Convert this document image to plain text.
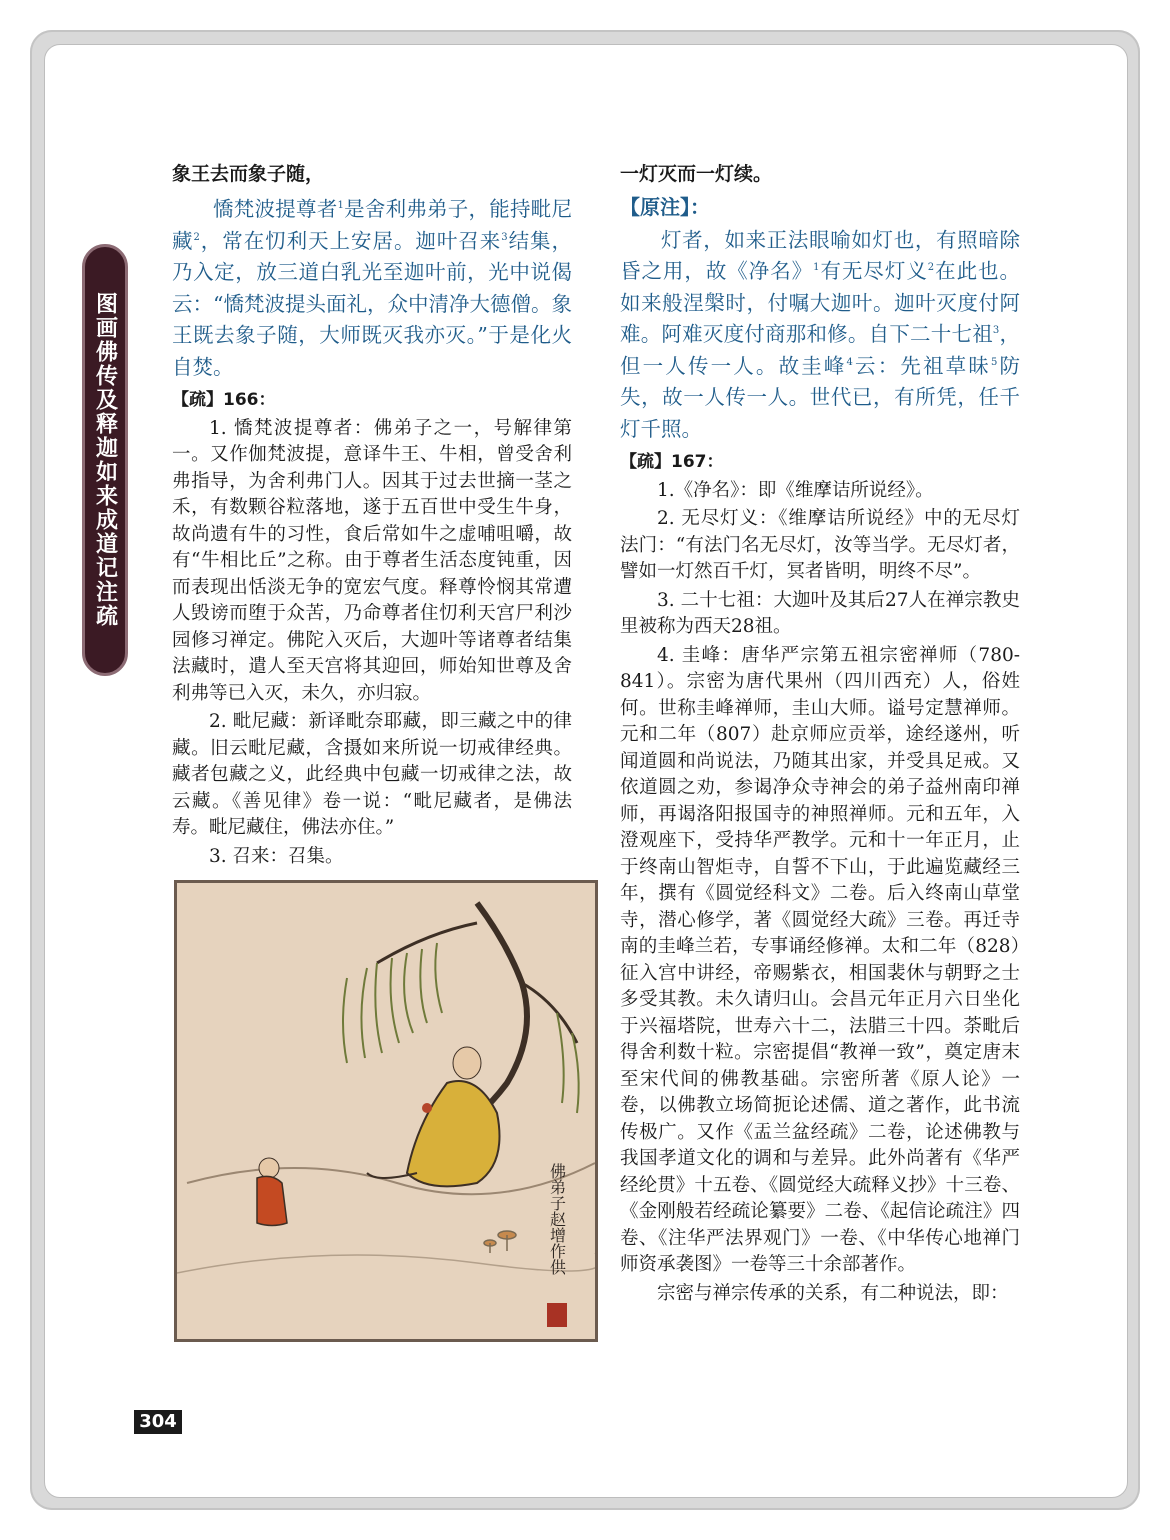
图画佛传及释迦如来成道记注疏

象王去而象子随，

憍梵波提尊者$^1$是舍利弗弟子，能持毗尼藏$^2$，常在忉利天上安居。迦叶召来$^3$结集，乃入定，放三道白乳光至迦叶前，光中说偈云：“憍梵波提头面礼，众中清净大德僧。象王既去象子随，大师既灭我亦灭。”于是化火自焚。

【疏】166：

1. 憍梵波提尊者：佛弟子之一，号解律第一。又作伽梵波提，意译牛王、牛相，曾受舍利弗指导，为舍利弗门人。因其于过去世摘一茎之禾，有数颗谷粒落地，遂于五百世中受生牛身，故尚遗有牛的习性，食后常如牛之虚哺咀嚼，故有“牛相比丘”之称。由于尊者生活态度钝重，因而表现出恬淡无争的宽宏气度。释尊怜悯其常遭人毁谤而堕于众苦，乃命尊者住忉利天宫尸利沙园修习禅定。佛陀入灭后，大迦叶等诸尊者结集法藏时，遣人至天宫将其迎回，师始知世尊及舍利弗等已入灭，未久，亦归寂。

2. 毗尼藏：新译毗奈耶藏，即三藏之中的律藏。旧云毗尼藏，含摄如来所说一切戒律经典。藏者包藏之义，此经典中包藏一切戒律之法，故云藏。《善见律》卷一说：“毗尼藏者，是佛法寿。毗尼藏住，佛法亦住。”

3. 召来：召集。

一灯灭而一灯续。

【原注】：

灯者，如来正法眼喻如灯也，有照暗除昏之用，故《净名》$^1$有无尽灯义$^2$在此也。如来般涅槃时，付嘱大迦叶。迦叶灭度付阿难。阿难灭度付商那和修。自下二十七祖$^3$，但一人传一人。故圭峰$^4$云：先祖草昧$^5$防失，故一人传一人。世代已，有所凭，任千灯千照。

【疏】167：

1.《净名》：即《维摩诘所说经》。

2. 无尽灯义：《维摩诘所说经》中的无尽灯法门：“有法门名无尽灯，汝等当学。无尽灯者，譬如一灯然百千灯，冥者皆明，明终不尽”。

3. 二十七祖：大迦叶及其后27人在禅宗教史里被称为西天28祖。

4. 圭峰：唐华严宗第五祖宗密禅师（780-841）。宗密为唐代果州（四川西充）人，俗姓何。世称圭峰禅师，圭山大师。谥号定慧禅师。元和二年（807）赴京师应贡举，途经遂州，听闻道圆和尚说法，乃随其出家，并受具足戒。又依道圆之劝，参谒净众寺神会的弟子益州南印禅师，再谒洛阳报国寺的神照禅师。元和五年，入澄观座下，受持华严教学。元和十一年正月，止于终南山智炬寺，自誓不下山，于此遍览藏经三年，撰有《圆觉经科文》二卷。后入终南山草堂寺，潜心修学，著《圆觉经大疏》三卷。再迁寺南的圭峰兰若，专事诵经修禅。太和二年（828）征入宫中讲经，帝赐紫衣，相国裴休与朝野之士多受其教。未久请归山。会昌元年正月六日坐化于兴福塔院，世寿六十二，法腊三十四。荼毗后得舍利数十粒。宗密提倡“教禅一致”，奠定唐末至宋代间的佛教基础。宗密所著《原人论》一卷，以佛教立场简扼论述儒、道之著作，此书流传极广。又作《盂兰盆经疏》二卷，论述佛教与我国孝道文化的调和与差异。此外尚著有《华严经纶贯》十五卷、《圆觉经大疏释义抄》十三卷、《金刚般若经疏论纂要》二卷、《起信论疏注》四卷、《注华严法界观门》一卷、《中华传心地禅门师资承袭图》一卷等三十余部著作。

宗密与禅宗传承的关系，有二种说法，即：

佛弟子赵增作供
304
